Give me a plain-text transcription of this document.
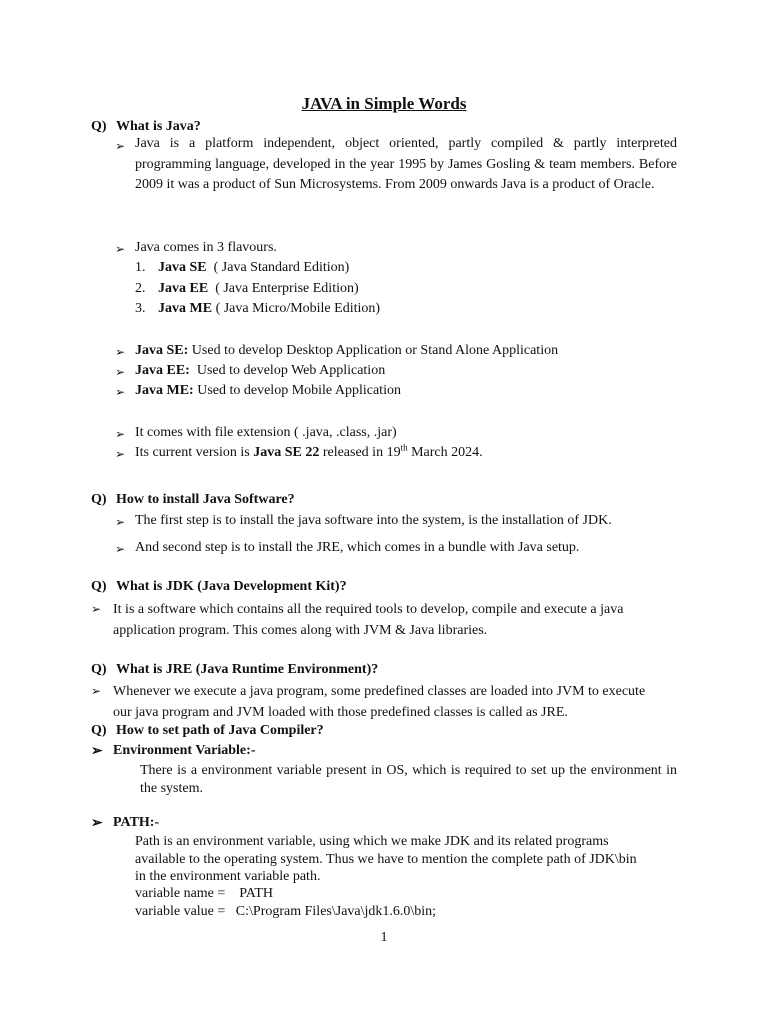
JAVA in Simple Words

Q) What is Java?

➢ Java is a platform independent, object oriented, partly compiled & partly interpreted programming language, developed in the year 1995 by James Gosling & team members. Before 2009 it was a product of Sun Microsystems. From 2009 onwards Java is a product of Oracle.

➢ Java comes in 3 flavours.

1. Java SE ( Java Standard Edition)

2. Java EE ( Java Enterprise Edition)

3. Java ME ( Java Micro/Mobile Edition)

➢ Java SE: Used to develop Desktop Application or Stand Alone Application

➢ Java EE: Used to develop Web Application

➢ Java ME: Used to develop Mobile Application

➢ It comes with file extension ( .java, .class, .jar)

➢ Its current version is Java SE 22 released in 19th March 2024.

Q) How to install Java Software?

➢ The first step is to install the java software into the system, is the installation of JDK.

➢ And second step is to install the JRE, which comes in a bundle with Java setup.

Q) What is JDK (Java Development Kit)?

➢ It is a software which contains all the required tools to develop, compile and execute a java application program. This comes along with JVM & Java libraries.

Q) What is JRE (Java Runtime Environment)?

➢ Whenever we execute a java program, some predefined classes are loaded into JVM to execute our java program and JVM loaded with those predefined classes is called as JRE.

Q) How to set path of Java Compiler?

➢ Environment Variable:-

There is a environment variable present in OS, which is required to set up the environment in the system.

➢ PATH:-

Path is an environment variable, using which we make JDK and its related programs available to the operating system. Thus we have to mention the complete path of JDK\bin in the environment variable path.

variable name = PATH

variable value = C:\Program Files\Java\jdk1.6.0\bin;

1
